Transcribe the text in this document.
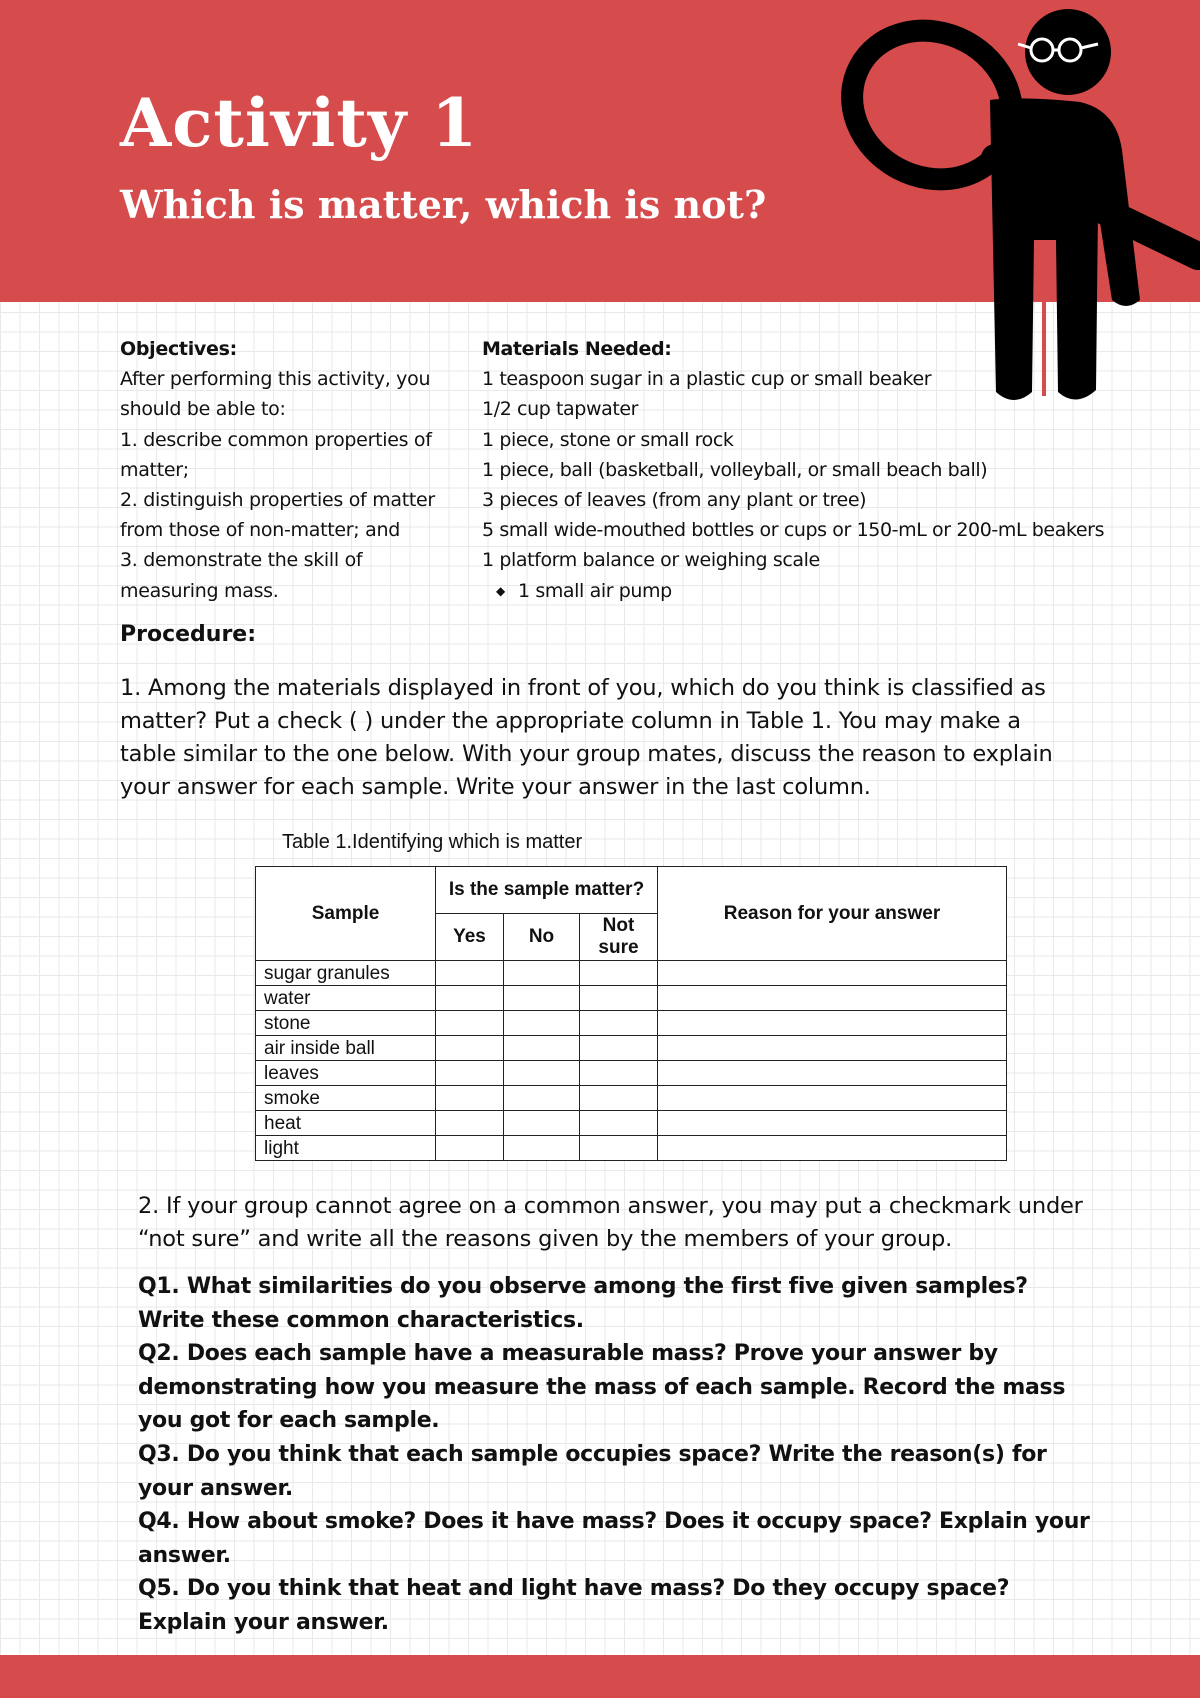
Activity 1
Which is matter, which is not?
Objectives:
After performing this activity, you
should be able to:
1. describe common properties of
matter;
2. distinguish properties of matter
from those of non-matter; and
3. demonstrate the skill of
measuring mass.
Materials Needed:
1 teaspoon sugar in a plastic cup or small beaker
1/2 cup tapwater
1 piece, stone or small rock
1 piece, ball (basketball, volleyball, or small beach ball)
3 pieces of leaves (from any plant or tree)
5 small wide-mouthed bottles or cups or 150-mL or 200-mL beakers
1 platform balance or weighing scale
◆ 1 small air pump
Procedure:
1. Among the materials displayed in front of you, which do you think is classified as matter? Put a check ( ) under the appropriate column in Table 1. You may make a table similar to the one below. With your group mates, discuss the reason to explain your answer for each sample. Write your answer in the last column.
Table 1.Identifying which is matter
Sample	Is the sample matter?			Reason for your answer
	Yes	No	Not sure	
sugar granules				
water				
stone				
air inside ball				
leaves				
smoke				
heat				
light				
2. If your group cannot agree on a common answer, you may put a checkmark under “not sure” and write all the reasons given by the members of your group.

Q1. What similarities do you observe among the first five given samples? Write these common characteristics.

Q2. Does each sample have a measurable mass? Prove your answer by demonstrating how you measure the mass of each sample. Record the mass you got for each sample.

Q3. Do you think that each sample occupies space? Write the reason(s) for your answer.

Q4. How about smoke? Does it have mass? Does it occupy space? Explain your answer.

Q5. Do you think that heat and light have mass? Do they occupy space? Explain your answer.
